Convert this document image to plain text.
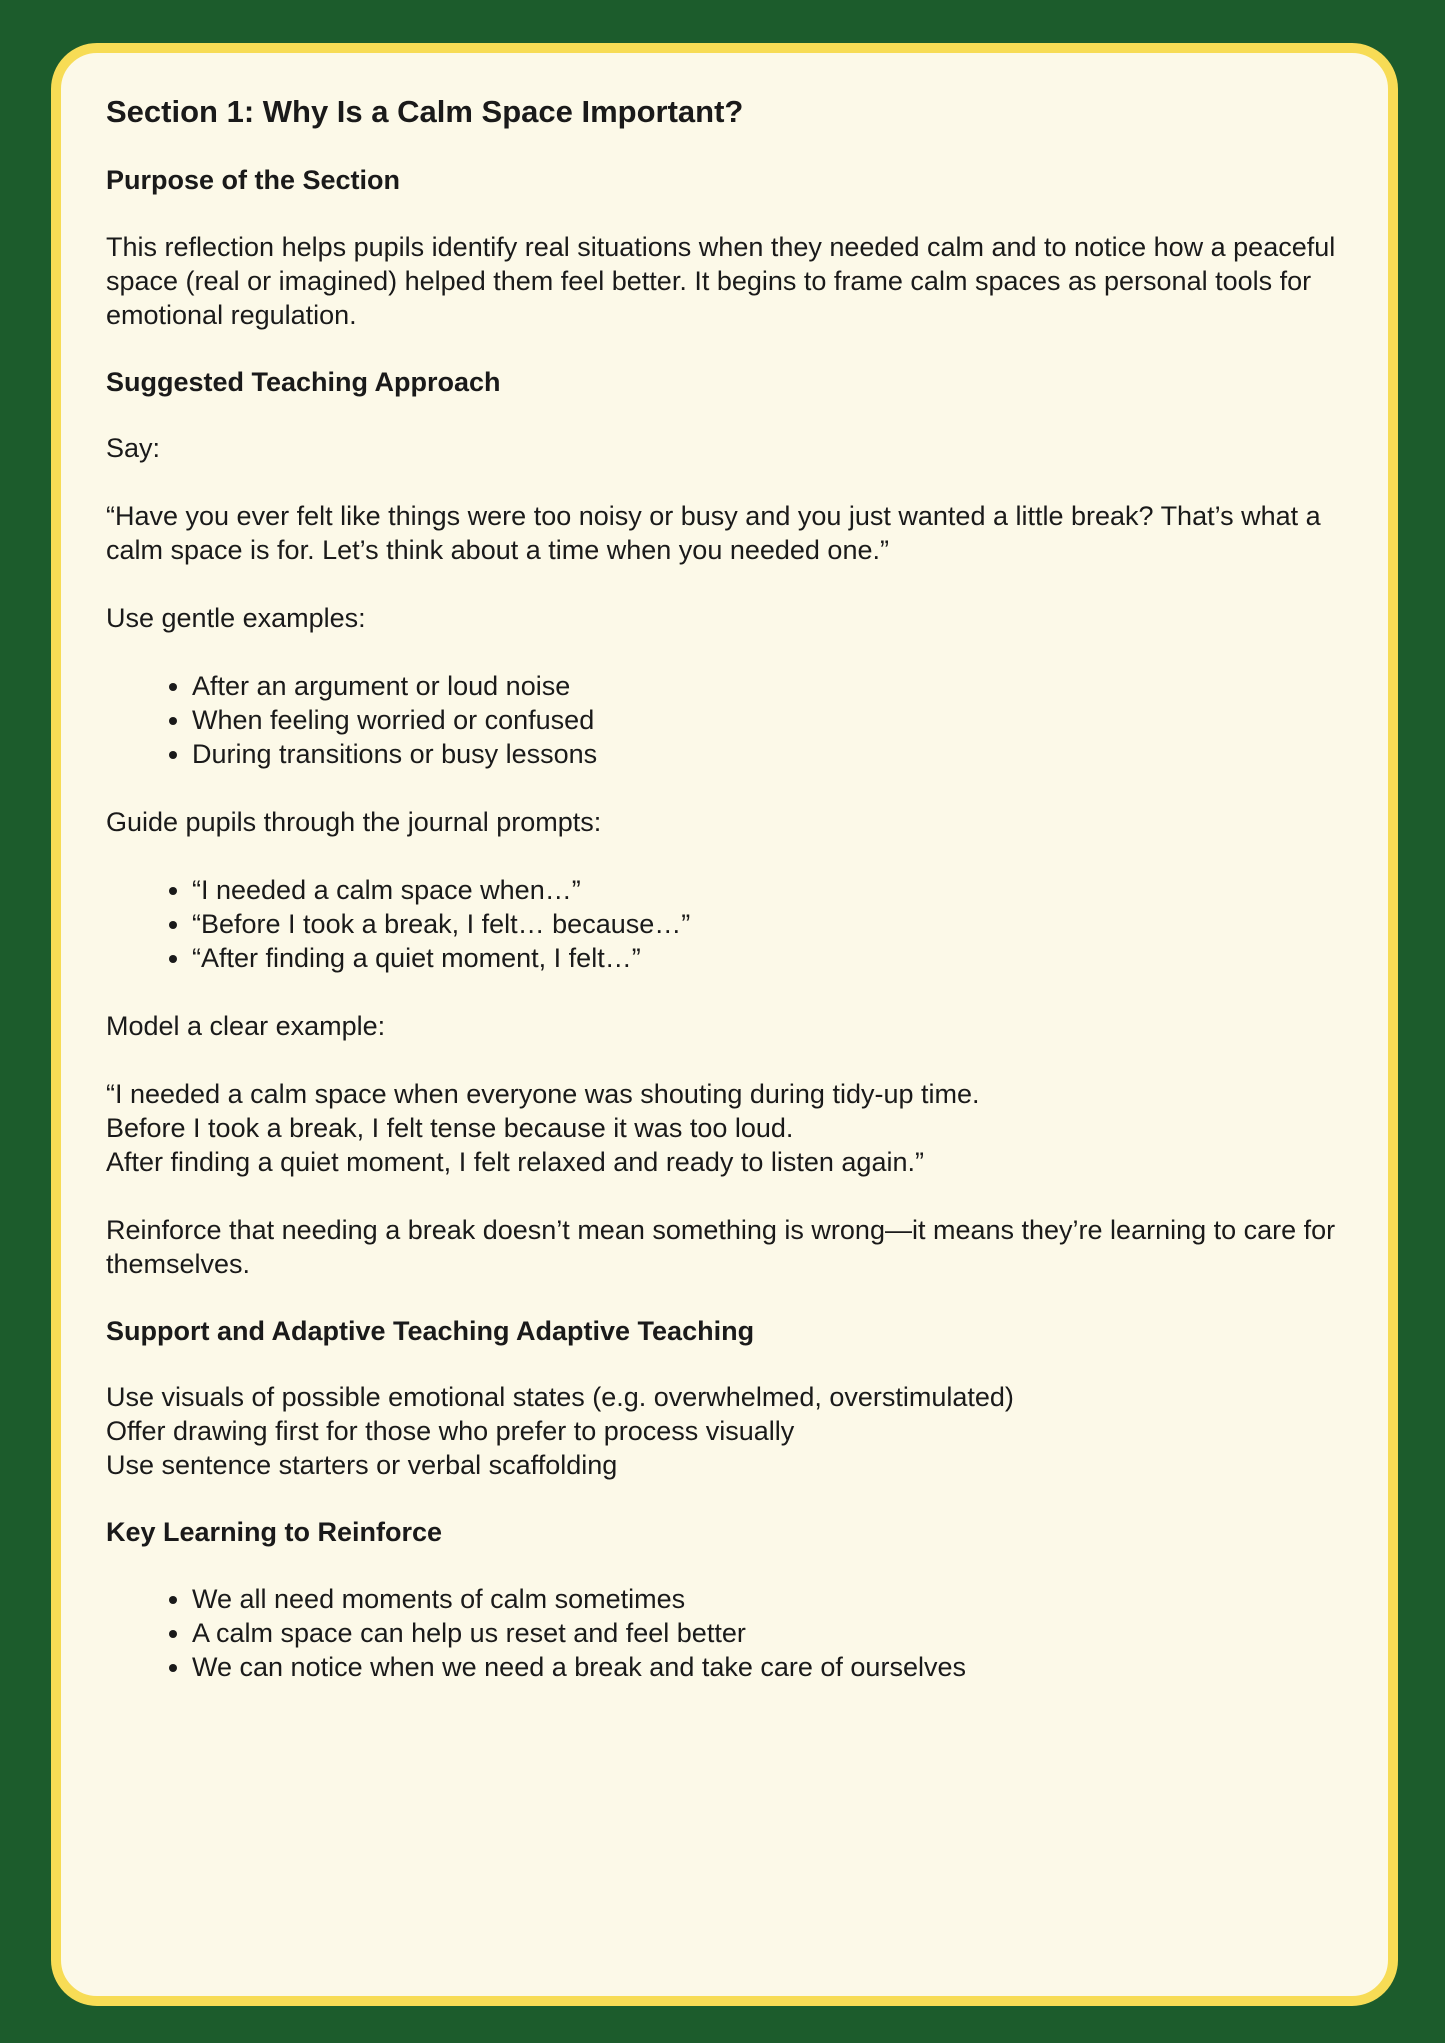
Section 1: Why Is a Calm Space Important?
Purpose of the Section

This reflection helps pupils identify real situations when they needed calm and to notice how a peaceful space (real or imagined) helped them feel better. It begins to frame calm spaces as personal tools for emotional regulation.

Suggested Teaching Approach

Say:

“Have you ever felt like things were too noisy or busy and you just wanted a little break? That’s what a calm space is for. Let’s think about a time when you needed one.”

Use gentle examples:

• After an argument or loud noise
• When feeling worried or confused
• During transitions or busy lessons

Guide pupils through the journal prompts:

• “I needed a calm space when…”
• “Before I took a break, I felt… because…”
• “After finding a quiet moment, I felt…”

Model a clear example:

“I needed a calm space when everyone was shouting during tidy-up time.

Before I took a break, I felt tense because it was too loud.

After finding a quiet moment, I felt relaxed and ready to listen again.”

Reinforce that needing a break doesn’t mean something is wrong—it means they’re learning to care for themselves.

Support and Adaptive Teaching Adaptive Teaching

Use visuals of possible emotional states (e.g. overwhelmed, overstimulated)

Offer drawing first for those who prefer to process visually

Use sentence starters or verbal scaffolding

Key Learning to Reinforce
• We all need moments of calm sometimes
• A calm space can help us reset and feel better
• We can notice when we need a break and take care of ourselves
